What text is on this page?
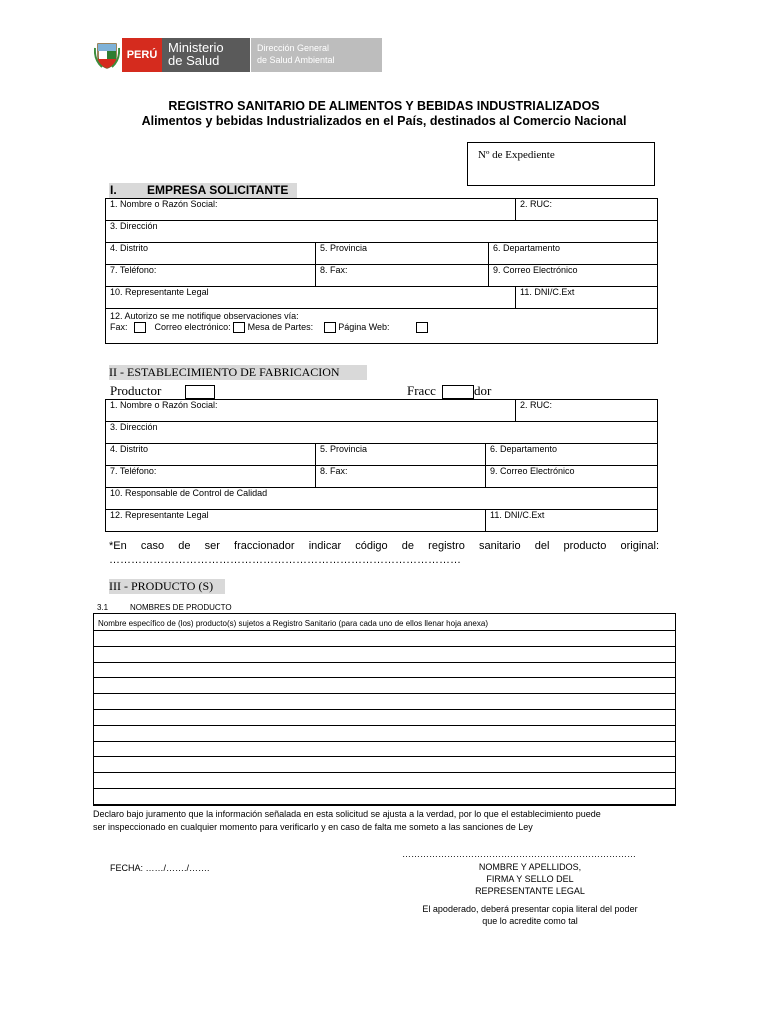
PERÚ Ministerio
de Salud
Dirección General
de Salud Ambiental
REGISTRO SANITARIO DE ALIMENTOS Y BEBIDAS INDUSTRIALIZADOS
Alimentos y bebidas Industrializados en el País, destinados al Comercio Nacional
Nº de Expediente
I.	EMPRESA SOLICITANTE
1. Nombre o Razón Social:			2. RUC:
3. Dirección			
4. Distrito	5. Provincia	6. Departamento	
7. Teléfono:	8. Fax:	9. Correo Electrónico	
10. Representante Legal			11. DNI/C.Ext

12. Autorizo se me notifique observaciones vía:
Fax: Correo electrónico: Mesa de Partes: Página Web:			
II - ESTABLECIMIENTO DE FABRICACION
Productor	Fracc	dor
1. Nombre o Razón Social:			2. RUC:
3. Dirección			
4. Distrito	5. Provincia	6. Departamento	
7. Teléfono:	8. Fax:	9. Correo Electrónico	
10. Responsable de Control de Calidad			
12. Representante Legal		11. DNI/C.Ext	
*En caso de ser fraccionador indicar código de registro sanitario del producto original:
……………………………………………………………………………………
III - PRODUCTO (S)
3.1	NOMBRES DE PRODUCTO
Nombre específico de (los) producto(s) sujetos a Registro Sanitario (para cada uno de ellos llenar hoja anexa)
Declaro bajo juramento que la información señalada en esta solicitud se ajusta a la verdad, por lo que el establecimiento puede
ser inspeccionado en cualquier momento para verificarlo y en caso de falta me someto a las sanciones de Ley
FECHA: ……/……./…….
……………………………………………………………………
NOMBRE Y APELLIDOS,
FIRMA Y SELLO DEL
REPRESENTANTE LEGAL
El apoderado, deberá presentar copia literal del poder
que lo acredite como tal
